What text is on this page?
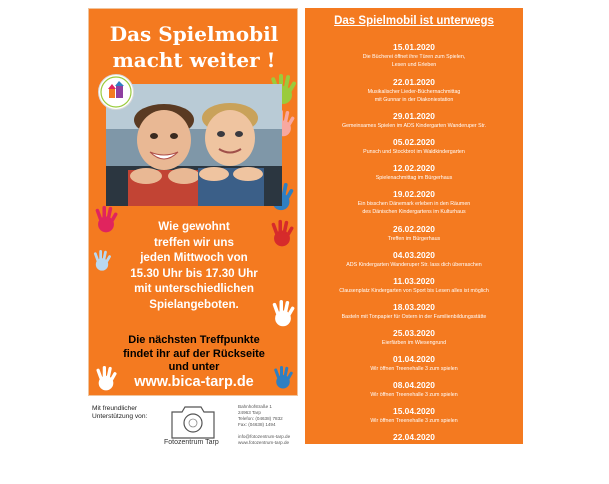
Das Spielmobil
macht weiter !
Wie gewohnt
treffen wir uns
jeden Mittwoch von
15.30 Uhr bis 17.30 Uhr
mit unterschiedlichen
Spielangeboten.
Die nächsten Treffpunkte
findet ihr auf der Rückseite
und unter
www.bica-tarp.de
Mit freundlicher
Unterstützung von:
Fotozentrum Tarp
Bahnhofstraße 1
24963 Tarp
Telefon: (04638) 7832
Fax: (04638) 1494
info@fotozentrum-tarp.de
www.fotozentrum-tarp.de
Das Spielmobil ist unterwegs
15.01.2020
Die Bücherei öffnet ihre Türen zum Spielen,
Lesen und Erleben
22.01.2020
Musikalischer Lieder-Büchernachmittag
mit Gunnar in der Diakoniestation
29.01.2020
Gemeinsames Spielen im ADS Kindergarten Wanderuper Str.
05.02.2020
Punsch und Stockbrot im Waldkindergarten
12.02.2020
Spielenachmittag im Bürgerhaus
19.02.2020
Ein bisschen Dänemark erleben in den Räumen
des Dänischen Kindergartens im Kulturhaus
26.02.2020
Treffen im Bürgerhaus
04.03.2020
ADS Kindergarten Wanderuper Str. lass dich überraschen
11.03.2020
Clausenplatz Kindergarten von Sport bis Lesen alles ist möglich
18.03.2020
Basteln mit Tonpapier für Ostern in der Familienbildungsstätte
25.03.2020
Eierfärben im Wiesengrund
01.04.2020
Wir öffnen Treenehalle 3 zum spielen
08.04.2020
Wir öffnen Treenehalle 3 zum spielen
15.04.2020
Wir öffnen Treenehalle 3 zum spielen
22.04.2020
Neue Medien, Bücher und Spiele in der Bücherei entdecken
29.04.2020
Basteln in der Familienbildungsstätte
